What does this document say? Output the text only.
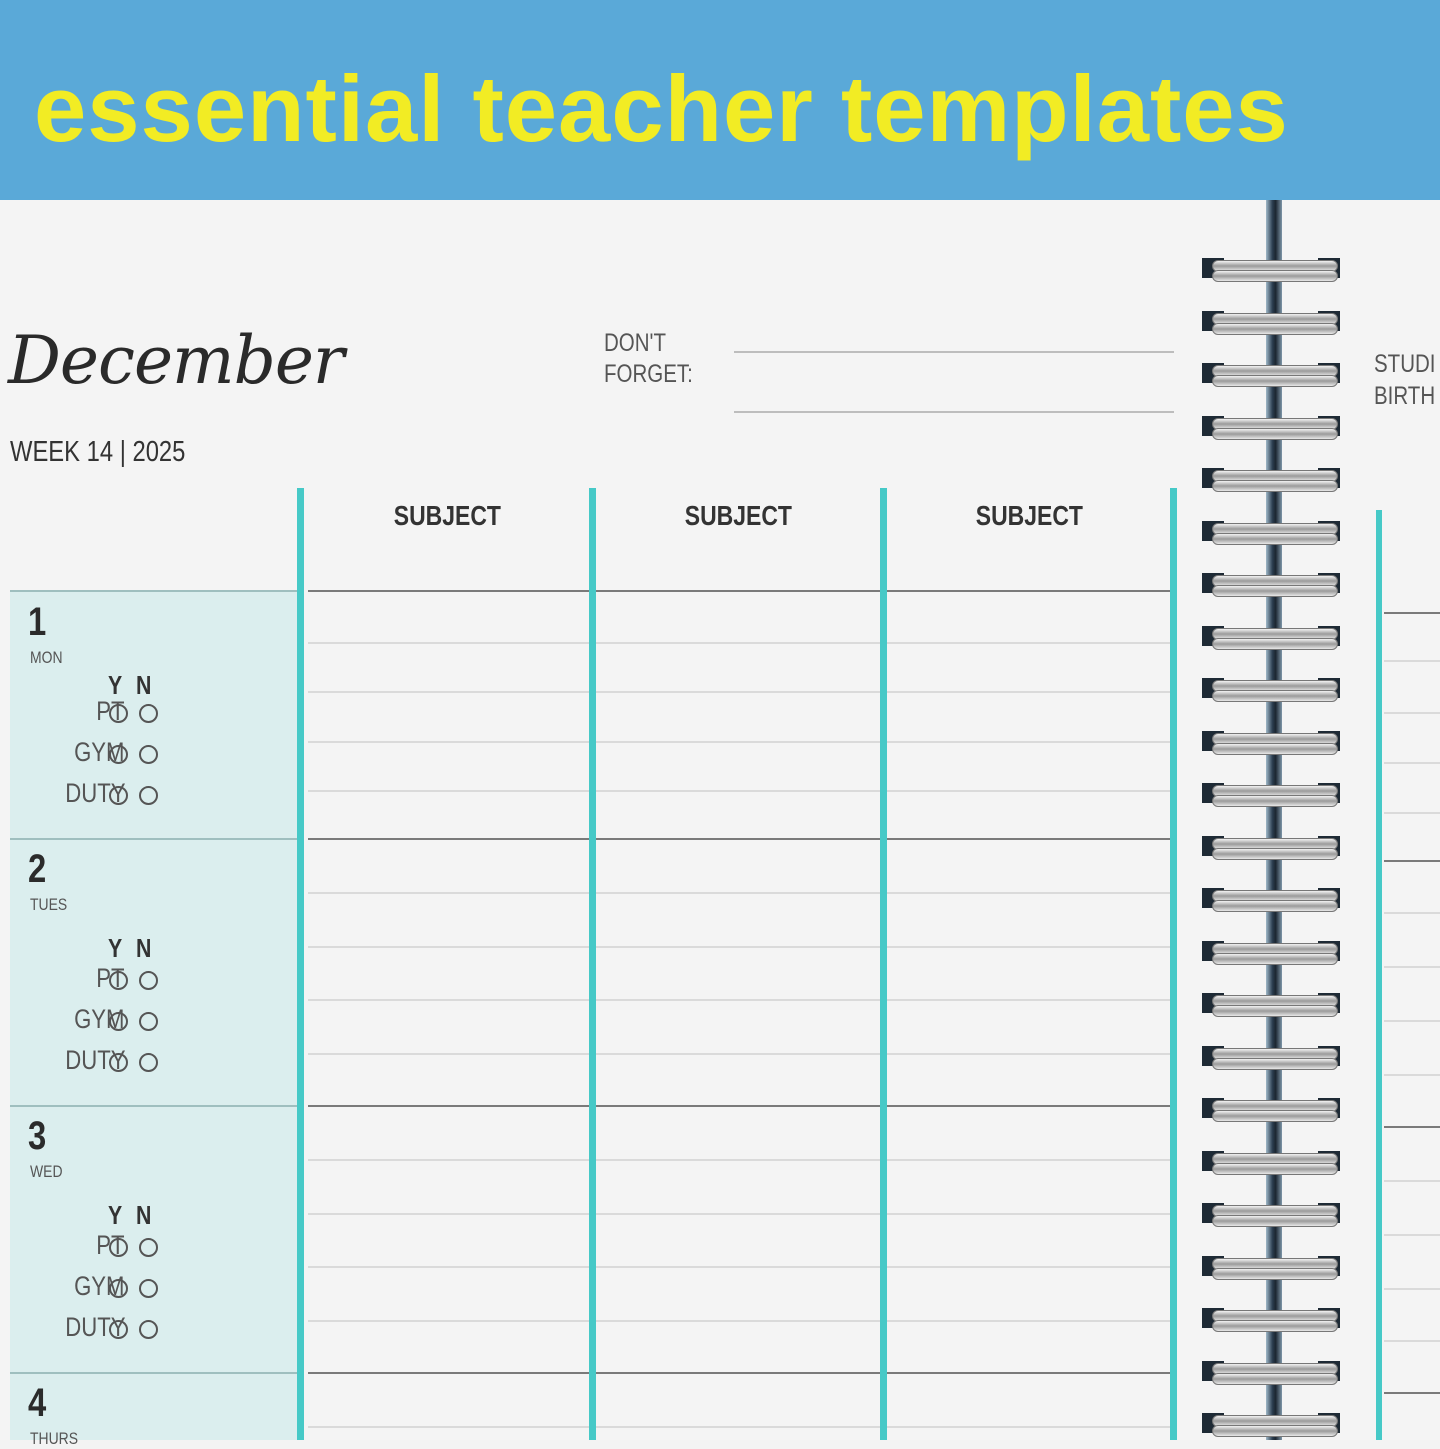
essential teacher templates
December
WEEK 14 | 2025
DON'T
FORGET:	STUDI
BIRTH
SUBJECT	SUBJECT	SUBJECT
1
MON
Y N
PT
GYM
DUTY
2
TUES
Y N
PT
GYM
DUTY
3
WED
Y N
PT
GYM
DUTY
4
THURS
